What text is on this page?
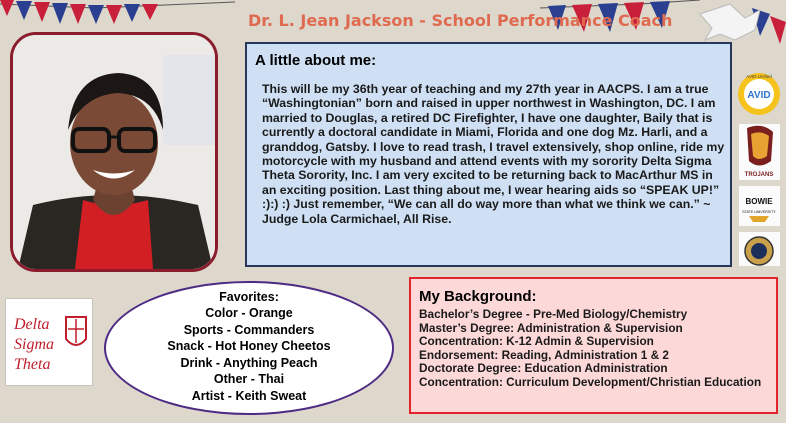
Dr. L. Jean Jackson - School Performance Coach
A little about me:
This will be my 36th year of teaching and my 27th year in AACPS. I am a true “Washingtonian” born and raised in upper northwest in Washington, DC. I am married to Douglas, a retired DC Firefighter, I have one daughter, Baily that is currently a doctoral candidate in Miami, Florida and one dog Mz. Harli, and a granddog, Gatsby. I love to read trash, I travel extensively, shop online, ride my motorcycle with my husband and attend events with my sorority Delta Sigma Theta Sorority, Inc. I am very excited to be returning back to MacArthur MS in an exciting position. Last thing about me, I wear hearing aids so “SPEAK UP!” :):) :) Just remember, “We can all do way more than what we think we can.” ~ Judge Lola Carmichael, All Rise.
AVID Unified
AVID
TROJANS
BOWIE
STATE UNIVERSITY
Delta
Sigma
Theta
Favorites:
Color - Orange
Sports - Commanders
Snack - Hot Honey Cheetos
Drink - Anything Peach
Other - Thai
Artist - Keith Sweat
My Background:
Bachelor’s Degree - Pre-Med Biology/Chemistry
Master’s Degree: Administration & Supervision
Concentration: K-12 Admin & Supervision
Endorsement: Reading, Administration 1 & 2
Doctorate Degree: Education Administration
Concentration: Curriculum Development/Christian Education
